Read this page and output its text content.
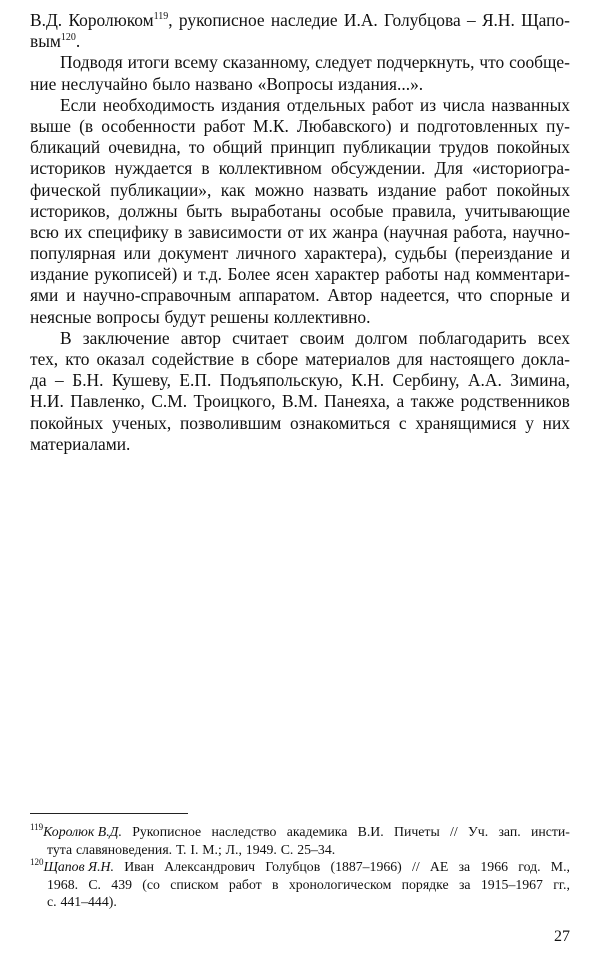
В.Д. Королюком$^{119}$, рукописное наследие И.А. Голубцова – Я.Н. Щапо-
вым$^{120}$.
Подводя итоги всему сказанному, следует подчеркнуть, что сообще-
ние неслучайно было названо «Вопросы издания...».
Если необходимость издания отдельных работ из числа названных
выше (в особенности работ М.К. Любавского) и подготовленных пу-
бликаций очевидна, то общий принцип публикации трудов покойных
историков нуждается в коллективном обсуждении. Для «историогра-
фической публикации», как можно назвать издание работ покойных
историков, должны быть выработаны особые правила, учитывающие
всю их специфику в зависимости от их жанра (научная работа, научно-
популярная или документ личного характера), судьбы (переиздание и
издание рукописей) и т.д. Более ясен характер работы над комментари-
ями и научно-справочным аппаратом. Автор надеется, что спорные и
неясные вопросы будут решены коллективно.
В заключение автор считает своим долгом поблагодарить всех
тех, кто оказал содействие в сборе материалов для настоящего докла-
да – Б.Н. Кушеву, Е.П. Подъяпольскую, К.Н. Сербину, А.А. Зимина,
Н.И. Павленко, С.М. Троицкого, В.М. Панеяха, а также родственников
покойных ученых, позволившим ознакомиться с хранящимися у них
материалами.
$^{119}$Королюк В.Д. Рукописное наследство академика В.И. Пичеты // Уч. зап. инсти-
тута славяноведения. Т. I. М.; Л., 1949. С. 25–34.
$^{120}$Щапов Я.Н. Иван Александрович Голубцов (1887–1966) // АЕ за 1966 год. М.,
1968. С. 439 (со списком работ в хронологическом порядке за 1915–1967 гг.,
с. 441–444).
27
